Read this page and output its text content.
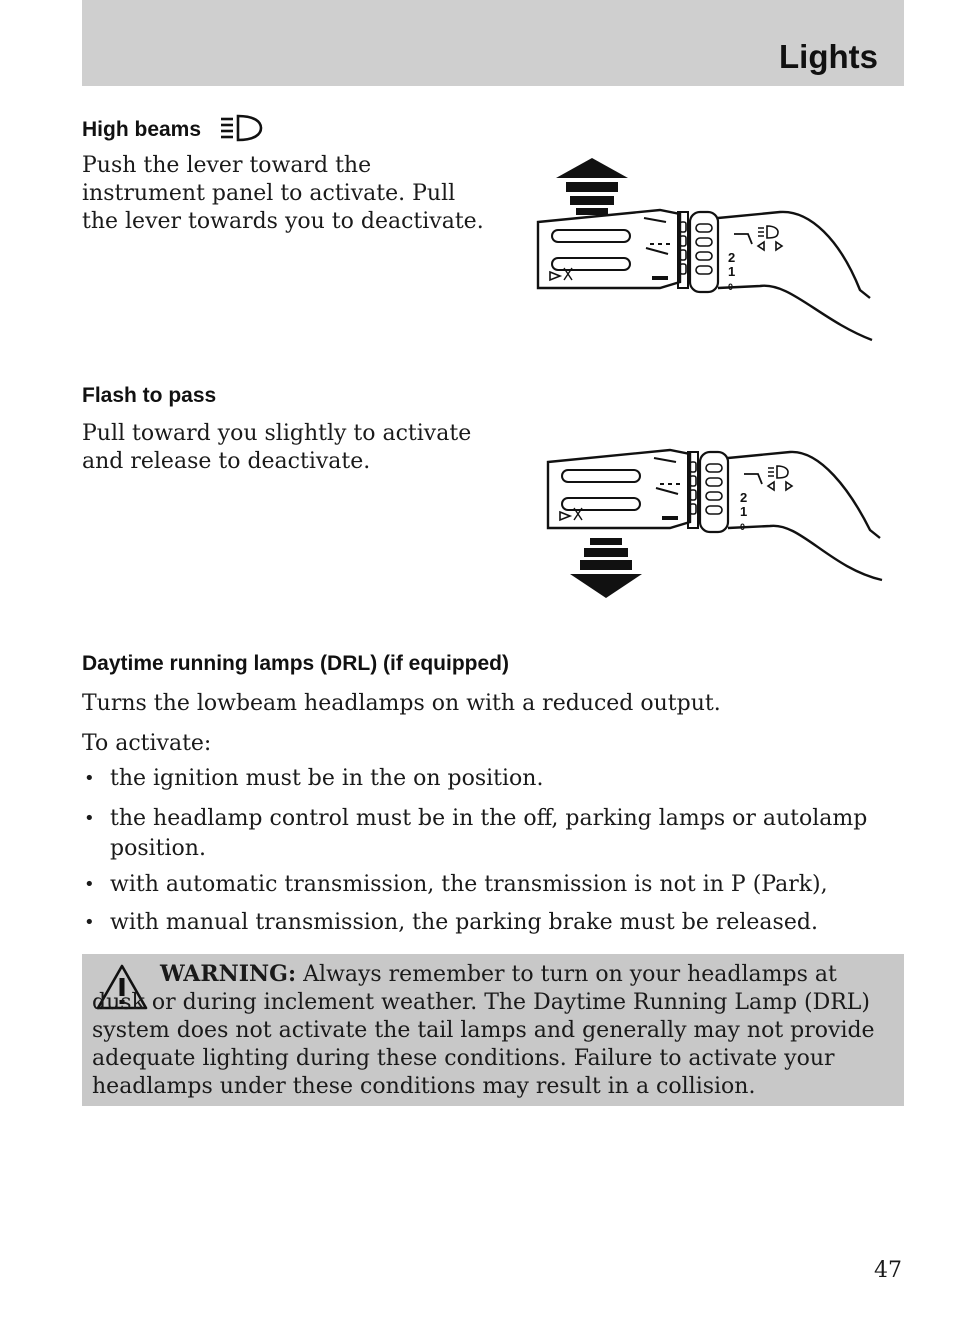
Lights
High beams
Push the lever toward the
instrument panel to activate. Pull
the lever towards you to deactivate.
2
1
0
Flash to pass
Pull toward you slightly to activate
and release to deactivate.
2
1
0
Daytime running lamps (DRL) (if equipped)
Turns the lowbeam headlamps on with a reduced output.
To activate:
• the ignition must be in the on position.
• the headlamp control must be in the off, parking lamps or autolamp position.
• with automatic transmission, the transmission is not in P (Park),
• with manual transmission, the parking brake must be released.
WARNING: Always remember to turn on your headlamps at dusk or during inclement weather. The Daytime Running Lamp (DRL) system does not activate the tail lamps and generally may not provide adequate lighting during these conditions. Failure to activate your headlamps under these conditions may result in a collision.
47
